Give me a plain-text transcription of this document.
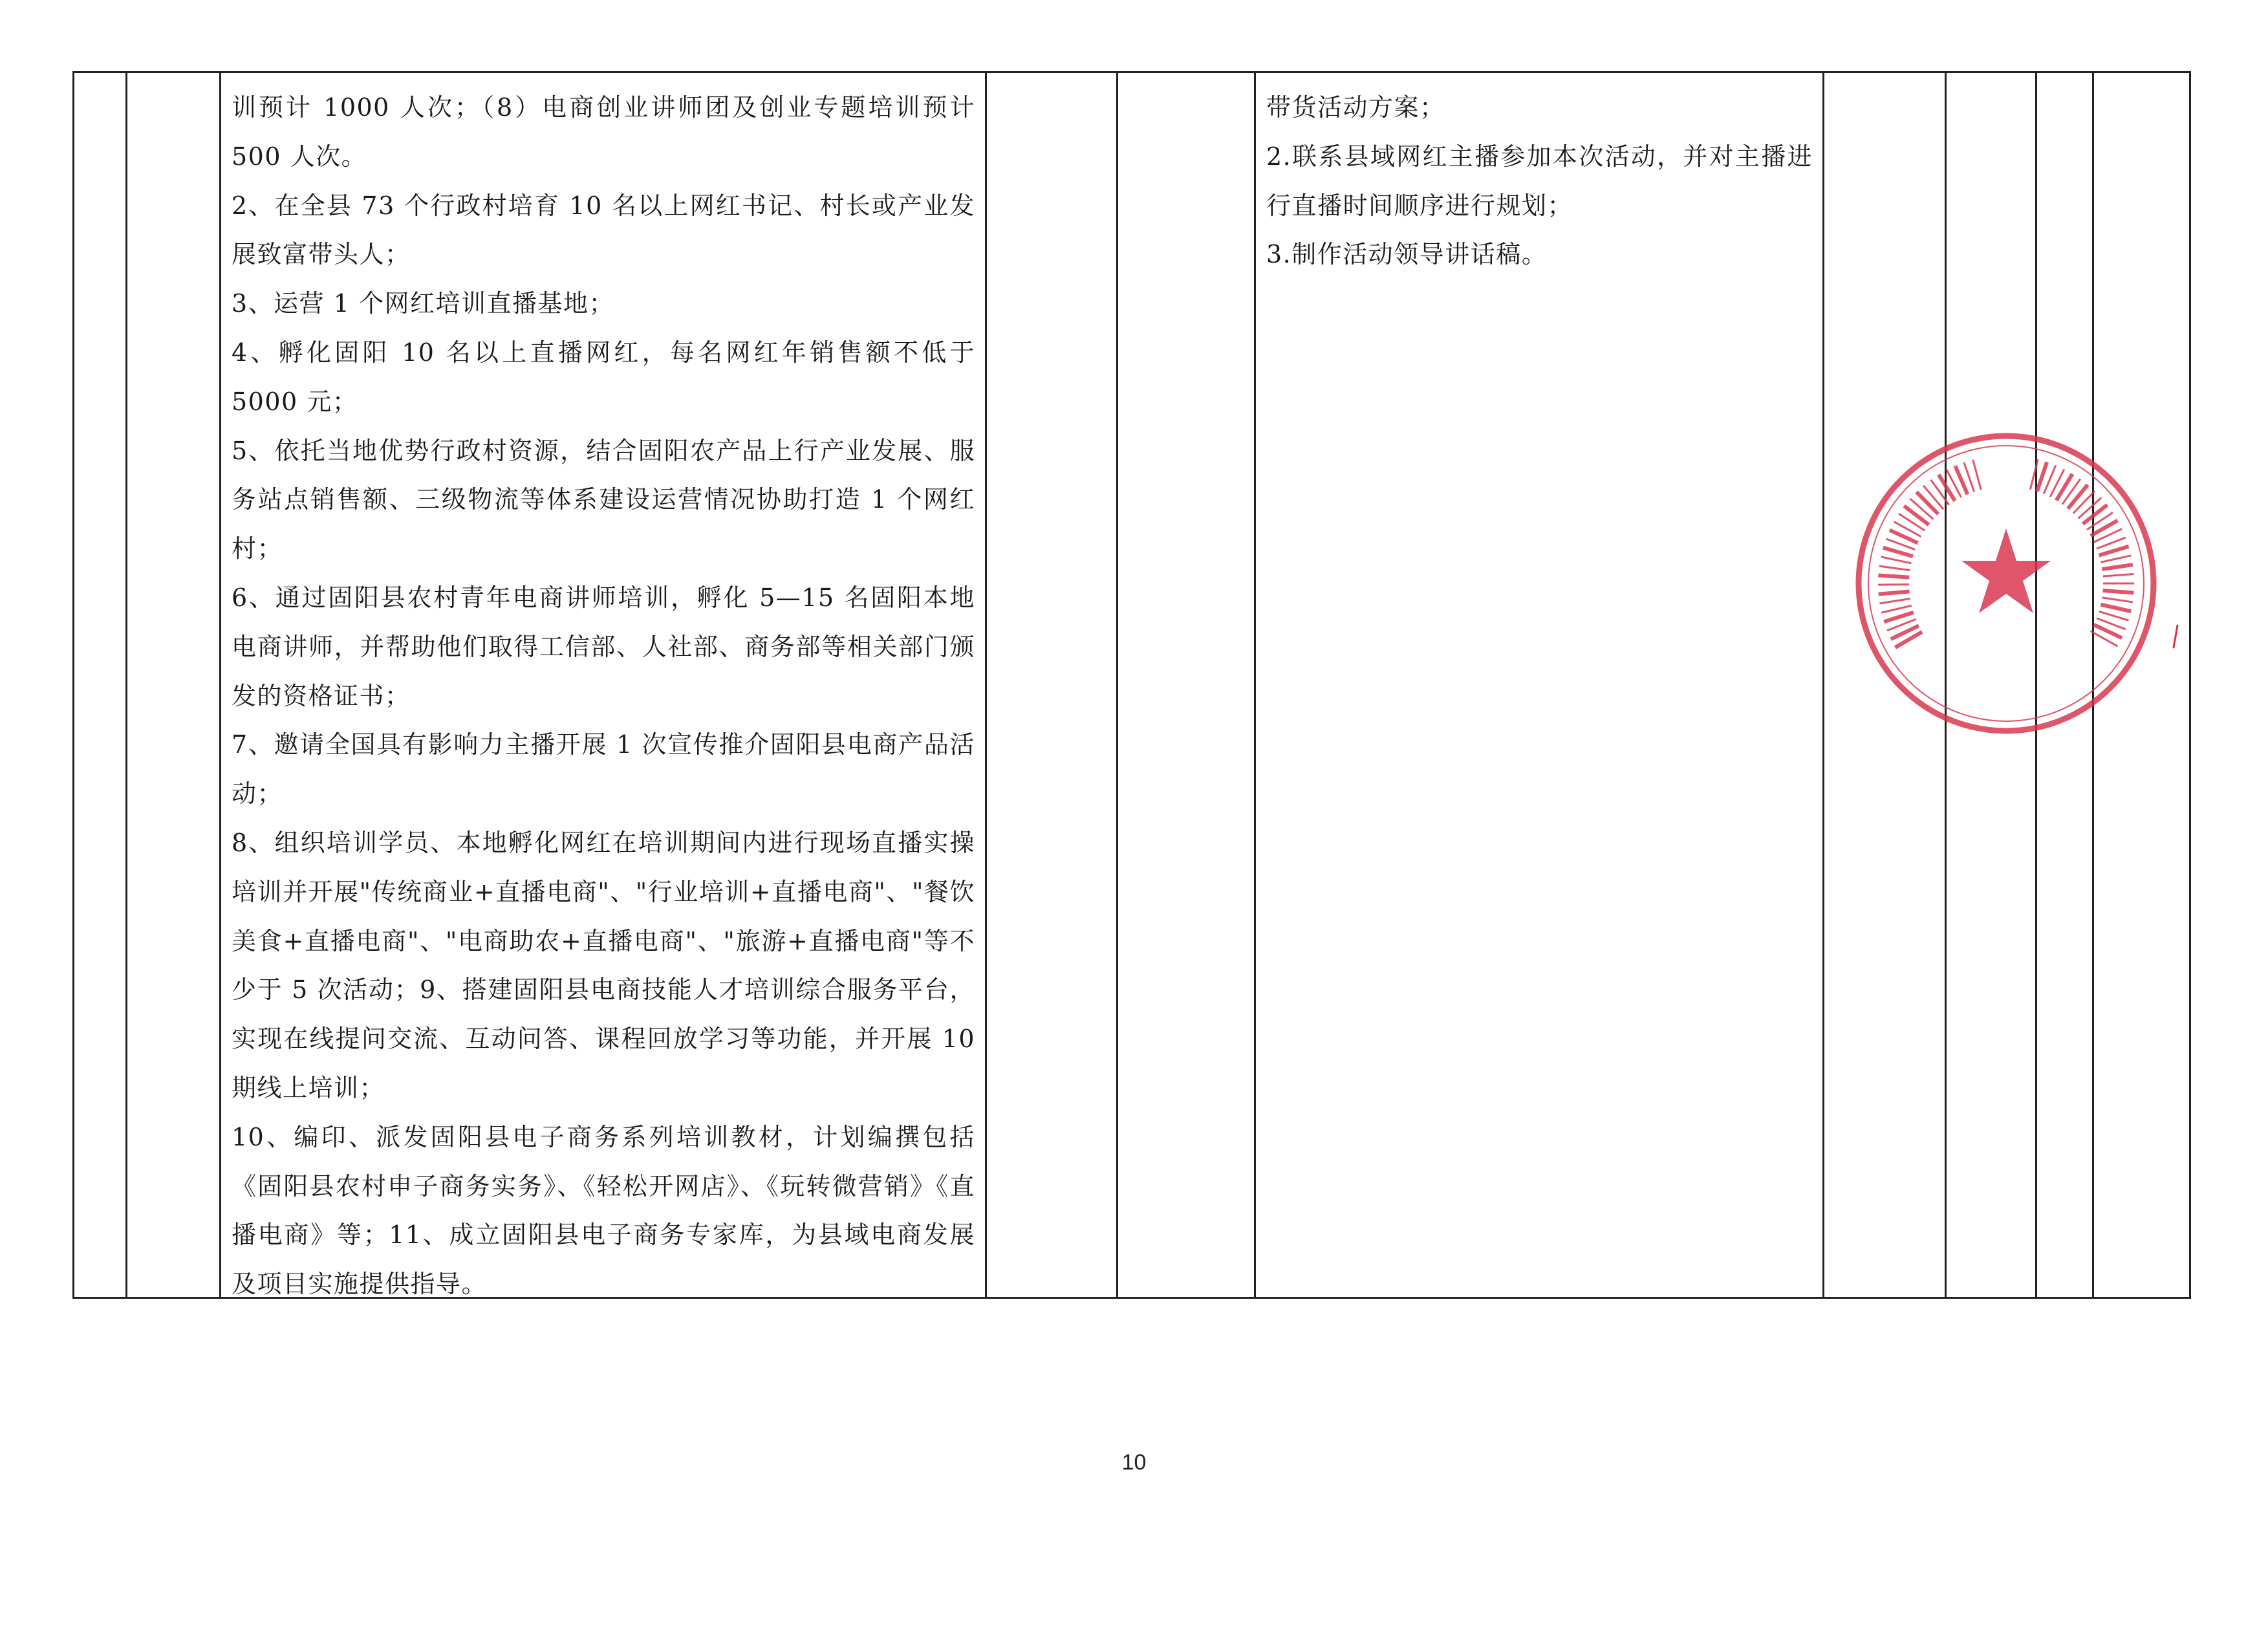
训预计 1000 人次；（8）电商创业讲师团及创业专题培训预计 500 人次。

2、在全县 73 个行政村培育 10 名以上网红书记、村长或产业发展致富带头人；

3、运营 1 个网红培训直播基地；

4、孵化固阳 10 名以上直播网红，每名网红年销售额不低于 5000 元；

5、依托当地优势行政村资源，结合固阳农产品上行产业发展、服务站点销售额、三级物流等体系建设运营情况协助打造 1 个网红村；

6、通过固阳县农村青年电商讲师培训，孵化 5—15 名固阳本地电商讲师，并帮助他们取得工信部、人社部、商务部等相关部门颁发的资格证书；

7、邀请全国具有影响力主播开展 1 次宣传推介固阳县电商产品活动；

8、组织培训学员、本地孵化网红在培训期间内进行现场直播实操培训并开展"传统商业+直播电商"、"行业培训+直播电商"、"餐饮美食+直播电商"、"电商助农+直播电商"、"旅游+直播电商"等不少于 5 次活动；9、搭建固阳县电商技能人才培训综合服务平台，实现在线提问交流、互动问答、课程回放学习等功能，并开展 10 期线上培训；

10、编印、派发固阳县电子商务系列培训教材，计划编撰包括《固阳县农村申子商务实务》、《轻松开网店》、《玩转微营销》《直播电商》等；11、成立固阳县电子商务专家库，为县域电商发展及项目实施提供指导。

带货活动方案；

2.联系县域网红主播参加本次活动，并对主播进行直播时间顺序进行规划；

3.制作活动领导讲话稿。

10
